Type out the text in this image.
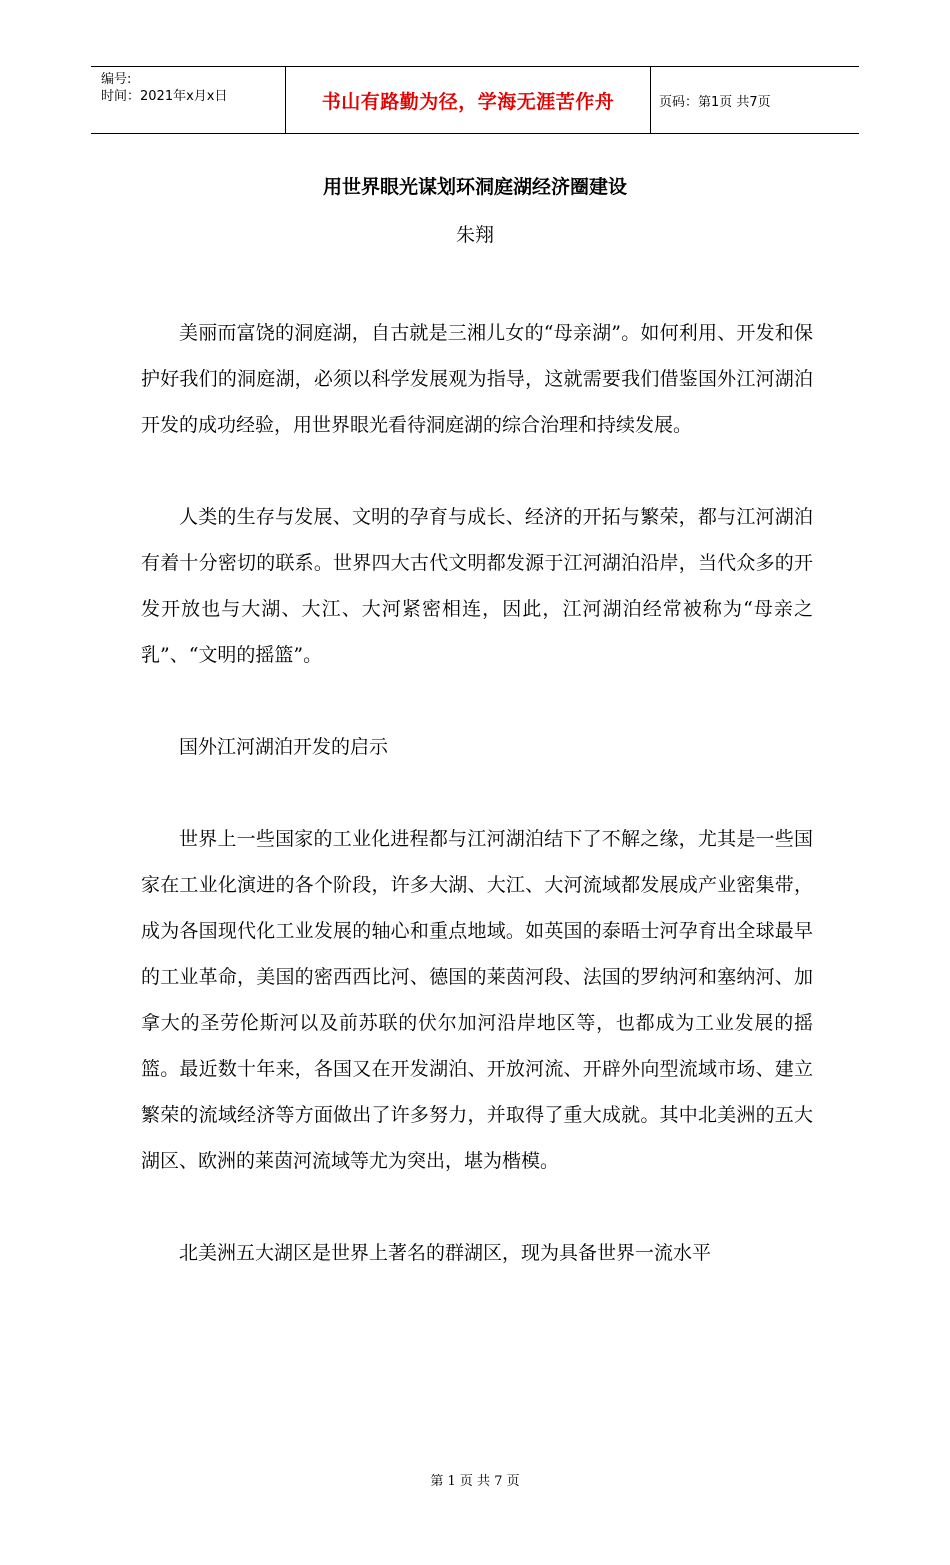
编号:
时间：2021年x月x日	书山有路勤为径，学海无涯苦作舟	页码：第1页 共7页
用世界眼光谋划环洞庭湖经济圈建设
朱翔

美丽而富饶的洞庭湖，自古就是三湘儿女的“母亲湖”。如何利用、开发和保护好我们的洞庭湖，必须以科学发展观为指导，这就需要我们借鉴国外江河湖泊开发的成功经验，用世界眼光看待洞庭湖的综合治理和持续发展。

人类的生存与发展、文明的孕育与成长、经济的开拓与繁荣，都与江河湖泊有着十分密切的联系。世界四大古代文明都发源于江河湖泊沿岸，当代众多的开发开放也与大湖、大江、大河紧密相连，因此，江河湖泊经常被称为“母亲之乳”、“文明的摇篮”。

国外江河湖泊开发的启示

世界上一些国家的工业化进程都与江河湖泊结下了不解之缘，尤其是一些国家在工业化演进的各个阶段，许多大湖、大江、大河流域都发展成产业密集带，成为各国现代化工业发展的轴心和重点地域。如英国的泰晤士河孕育出全球最早的工业革命，美国的密西西比河、德国的莱茵河段、法国的罗纳河和塞纳河、加拿大的圣劳伦斯河以及前苏联的伏尔加河沿岸地区等，也都成为工业发展的摇篮。最近数十年来，各国又在开发湖泊、开放河流、开辟外向型流域市场、建立繁荣的流域经济等方面做出了许多努力，并取得了重大成就。其中北美洲的五大湖区、欧洲的莱茵河流域等尤为突出，堪为楷模。

北美洲五大湖区是世界上著名的群湖区，现为具备世界一流水平

第 1 页 共 7 页
